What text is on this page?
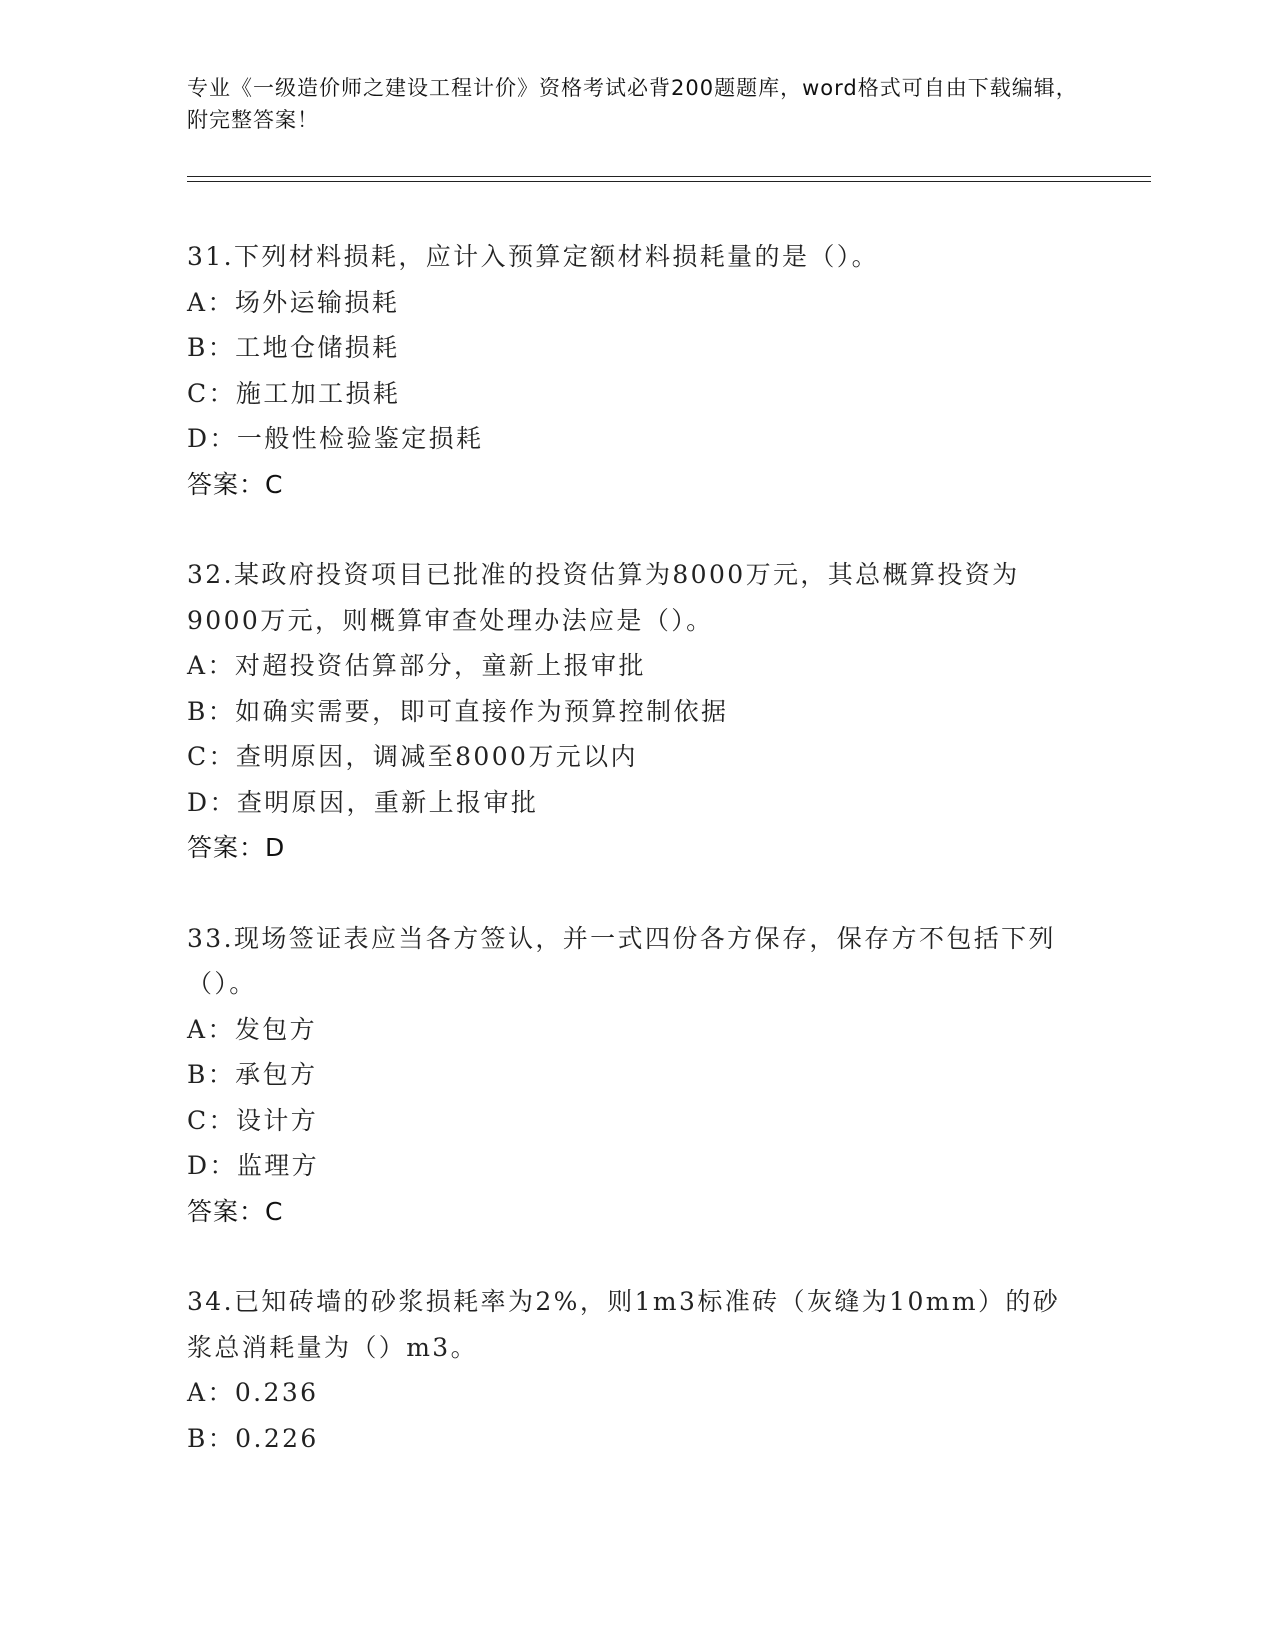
专业《一级造价师之建设工程计价》资格考试必背200题题库，word格式可自由下载编辑，附完整答案！
31.下列材料损耗，应计入预算定额材料损耗量的是（）。
A：场外运输损耗
B：工地仓储损耗
C：施工加工损耗
D：一般性检验鉴定损耗
答案：C
32.某政府投资项目已批准的投资估算为8000万元，其总概算投资为9000万元，则概算审查处理办法应是（）。
A：对超投资估算部分，童新上报审批
B：如确实需要，即可直接作为预算控制依据
C：查明原因，调减至8000万元以内
D：查明原因，重新上报审批
答案：D
33.现场签证表应当各方签认，并一式四份各方保存，保存方不包括下列（）。
A：发包方
B：承包方
C：设计方
D：监理方
答案：C
34.已知砖墙的砂浆损耗率为2%，则1m3标准砖（灰缝为10mm）的砂浆总消耗量为（）m3。
A：0.236
B：0.226
